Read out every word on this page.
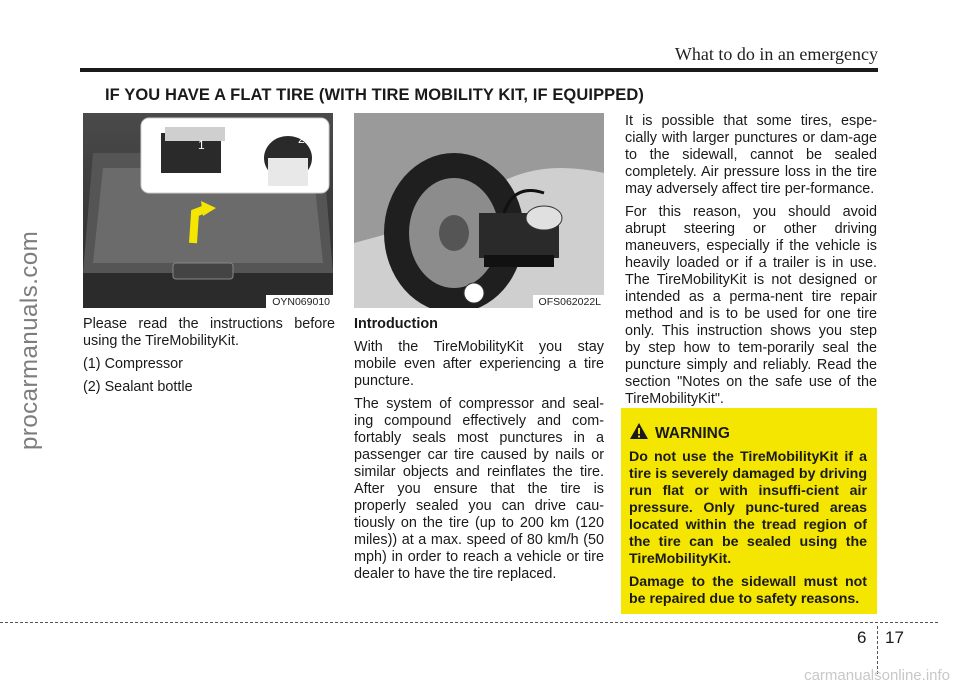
What to do in an emergency
IF YOU HAVE A FLAT TIRE (WITH TIRE MOBILITY KIT, IF EQUIPPED)
procarmanuals.com
1	2
OYN069010	OFS062022L

Please read the instructions before using the TireMobilityKit.

(1) Compressor

(2) Sealant bottle

Introduction

With the TireMobilityKit you stay mobile even after experiencing a tire puncture.

The system of compressor and seal-ing compound effectively and com-fortably seals most punctures in a passenger car tire caused by nails or similar objects and reinflates the tire. After you ensure that the tire is properly sealed you can drive cau-tiously on the tire (up to 200 km (120 miles)) at a max. speed of 80 km/h (50 mph) in order to reach a vehicle or tire dealer to have the tire replaced.

It is possible that some tires, espe-cially with larger punctures or dam-age to the sidewall, cannot be sealed completely. Air pressure loss in the tire may adversely affect tire per-formance.

For this reason, you should avoid abrupt steering or other driving maneuvers, especially if the vehicle is heavily loaded or if a trailer is in use. The TireMobilityKit is not designed or intended as a perma-nent tire repair method and is to be used for one tire only. This instruction shows you step by step how to tem-porarily seal the puncture simply and reliably. Read the section "Notes on the safe use of the TireMobilityKit".

WARNING

Do not use the TireMobilityKit if a tire is severely damaged by driving run flat or with insuffi-cient air pressure. Only punc-tured areas located within the tread region of the tire can be sealed using the TireMobilityKit.

Damage to the sidewall must not be repaired due to safety reasons.

6 17
carmanualsonline.info
